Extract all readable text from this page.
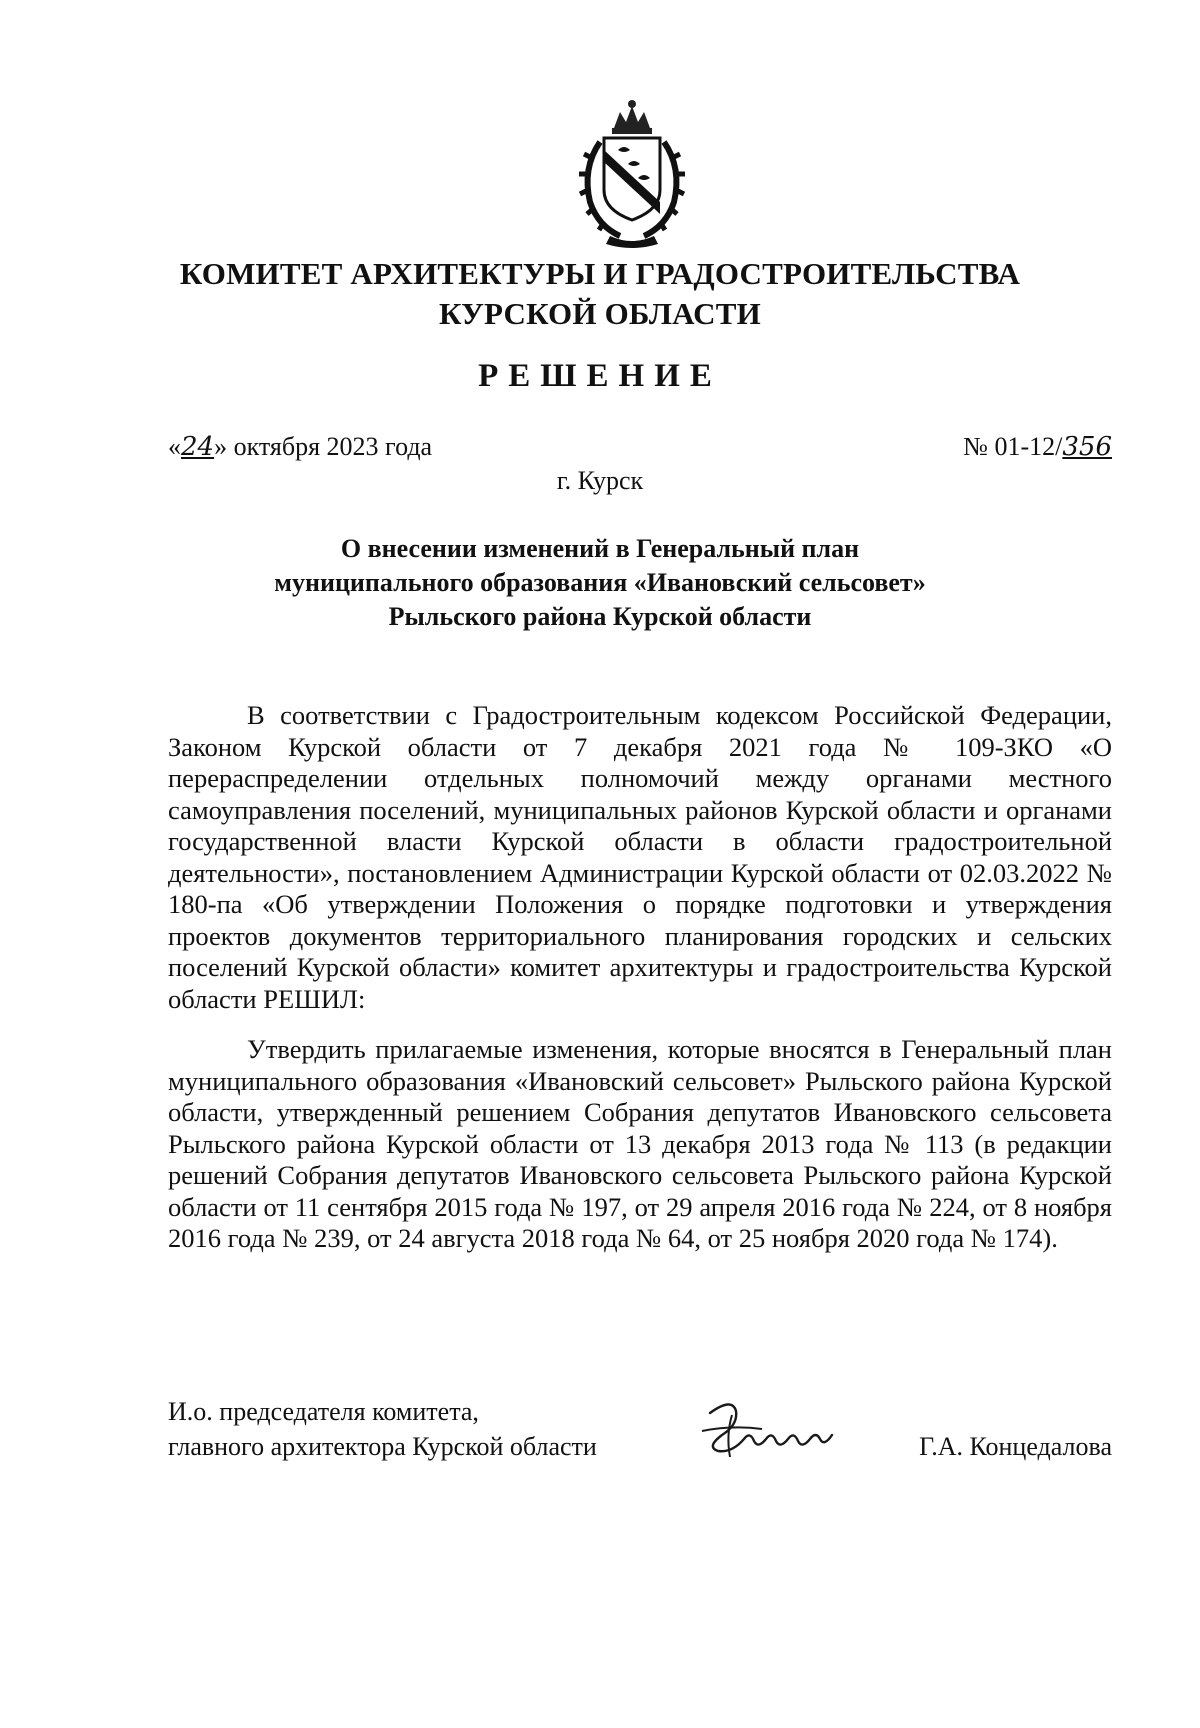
КОМИТЕТ АРХИТЕКТУРЫ И ГРАДОСТРОИТЕЛЬСТВА
КУРСКОЙ ОБЛАСТИ
РЕШЕНИЕ
«24» октября 2023 года	№ 01-12/356
г. Курск
О внесении изменений в Генеральный план
муниципального образования «Ивановский сельсовет»
Рыльского района Курской области
В соответствии с Градостроительным кодексом Российской Федерации, Законом Курской области от 7 декабря 2021 года № 109-ЗКО «О перераспределении отдельных полномочий между органами местного самоуправления поселений, муниципальных районов Курской области и органами государственной власти Курской области в области градостроительной деятельности», постановлением Администрации Курской области от 02.03.2022 № 180-па «Об утверждении Положения о порядке подготовки и утверждения проектов документов территориального планирования городских и сельских поселений Курской области» комитет архитектуры и градостроительства Курской области РЕШИЛ:
Утвердить прилагаемые изменения, которые вносятся в Генеральный план муниципального образования «Ивановский сельсовет» Рыльского района Курской области, утвержденный решением Собрания депутатов Ивановского сельсовета Рыльского района Курской области от 13 декабря 2013 года № 113 (в редакции решений Собрания депутатов Ивановского сельсовета Рыльского района Курской области от 11 сентября 2015 года № 197, от 29 апреля 2016 года № 224, от 8 ноября 2016 года № 239, от 24 августа 2018 года № 64, от 25 ноября 2020 года № 174).
И.о. председателя комитета,
главного архитектора Курской области	Г.А. Концедалова
